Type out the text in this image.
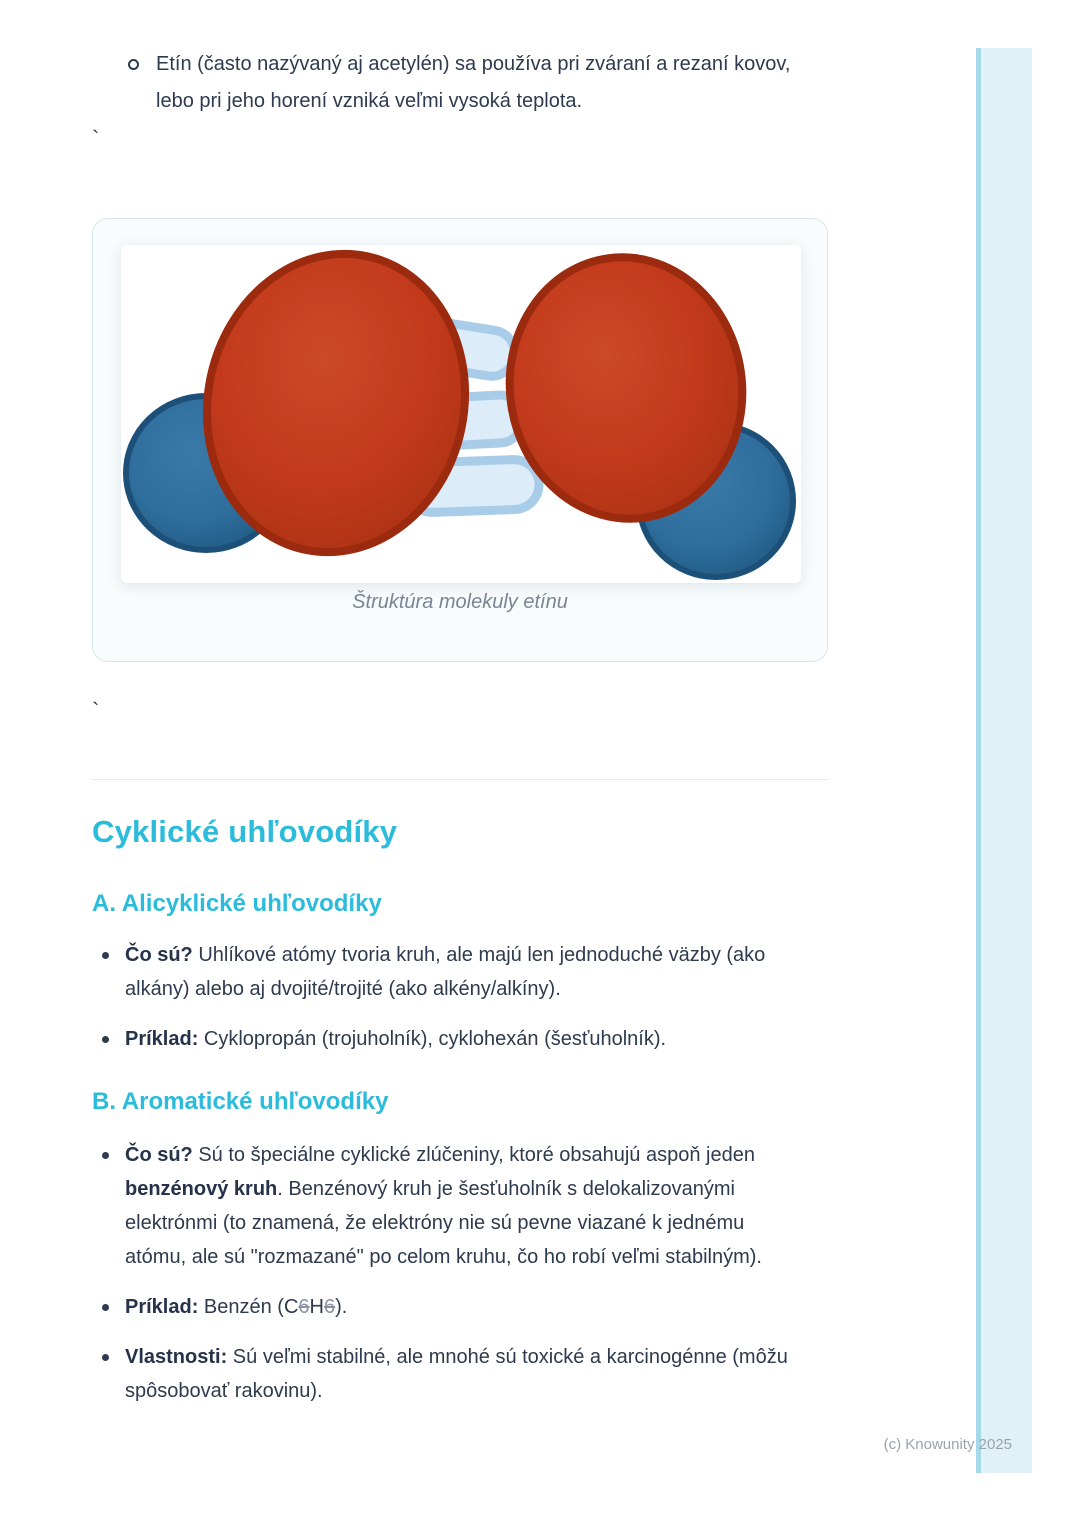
Etín (často nazývaný aj acetylén) sa používa pri zváraní a rezaní kovov, lebo pri jeho horení vzniká veľmi vysoká teplota.
`
Štruktúra molekuly etínu
`
Cyklické uhľovodíky
A. Alicyklické uhľovodíky
Čo sú? Uhlíkové atómy tvoria kruh, ale majú len jednoduché väzby (ako alkány) alebo aj dvojité/trojité (ako alkény/alkíny).
Príklad: Cyklopropán (trojuholník), cyklohexán (šesťuholník).
B. Aromatické uhľovodíky
Čo sú? Sú to špeciálne cyklické zlúčeniny, ktoré obsahujú aspoň jeden benzénový kruh. Benzénový kruh je šesťuholník s delokalizovanými elektrónmi (to znamená, že elektróny nie sú pevne viazané k jednému atómu, ale sú "rozmazané" po celom kruhu, čo ho robí veľmi stabilným).
Príklad: Benzén (C6H6).
Vlastnosti: Sú veľmi stabilné, ale mnohé sú toxické a karcinogénne (môžu spôsobovať rakovinu).
(c) Knowunity 2025
